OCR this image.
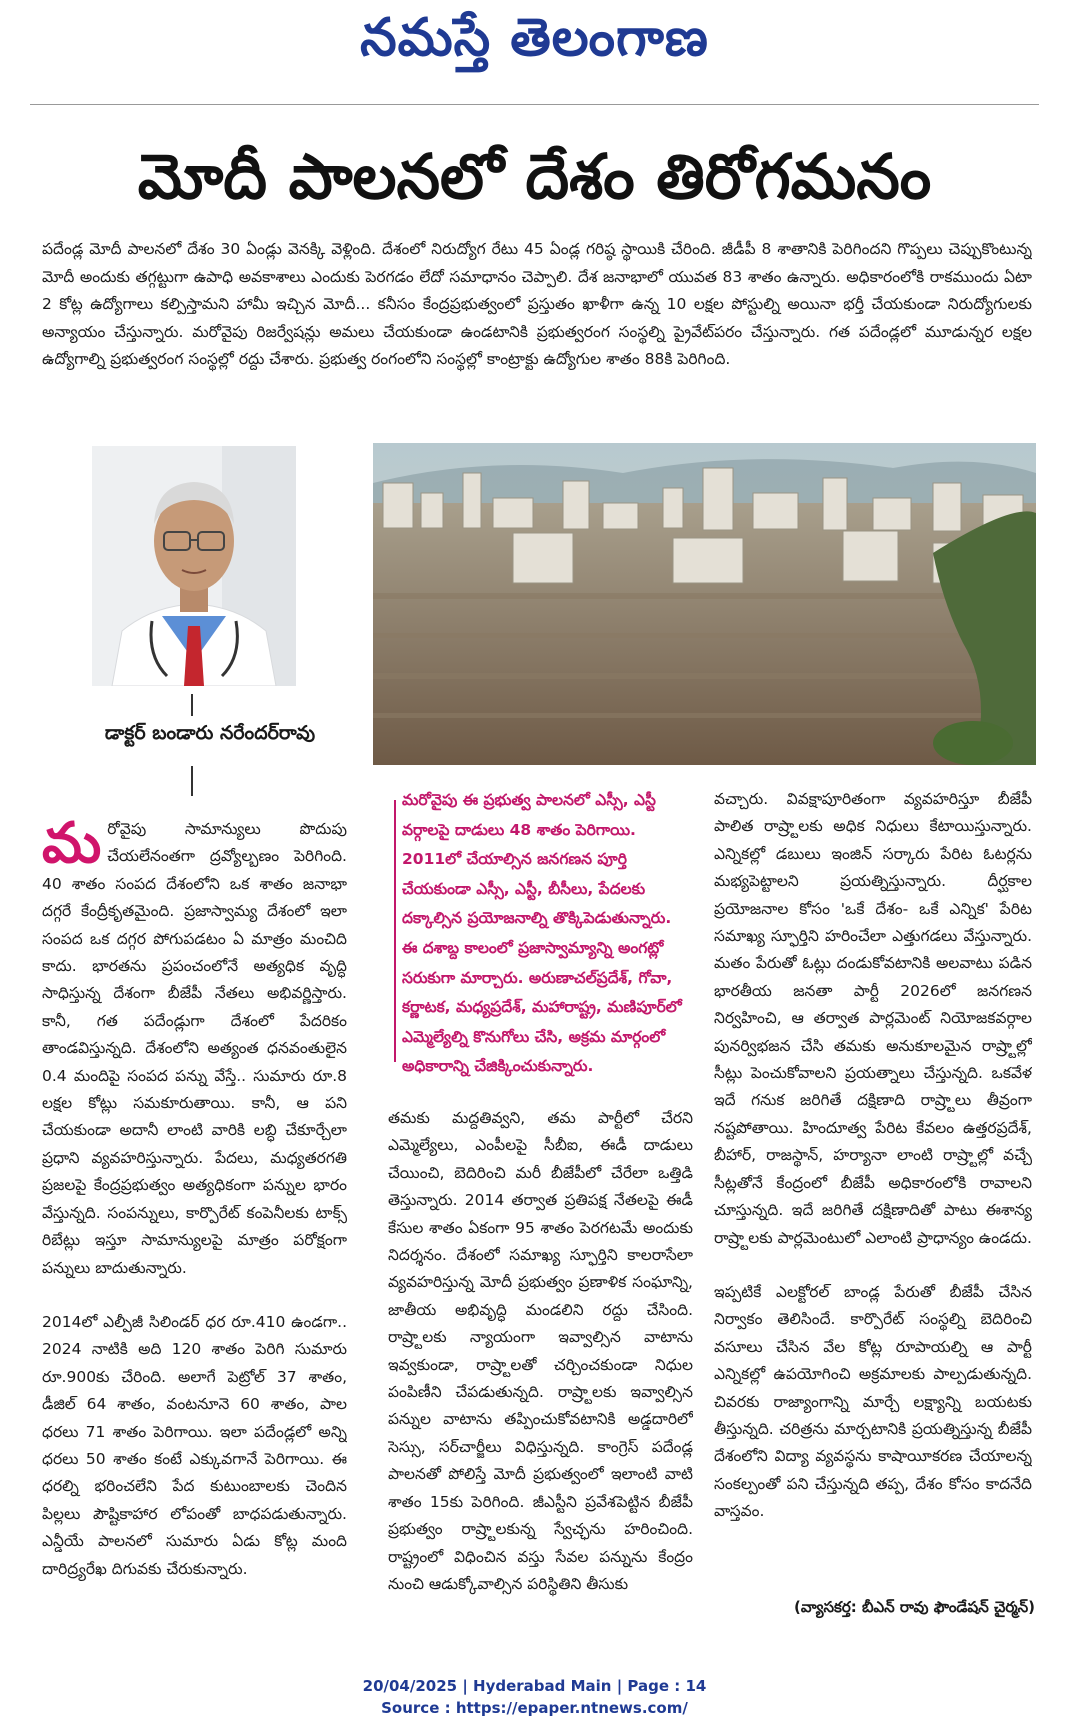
నమస్తే తెలంగాణ
మోదీ పాలనలో దేశం తిరోగమనం
పదేండ్ల మోదీ పాలనలో దేశం 30 ఏండ్లు వెనక్కి వెళ్లింది. దేశంలో నిరుద్యోగ రేటు 45 ఏండ్ల గరిష్ఠ స్థాయికి చేరింది. జీడీపీ 8 శాతానికి పెరిగిందని గొప్పలు చెప్పుకొంటున్న మోదీ అందుకు తగ్గట్టుగా ఉపాధి అవకాశాలు ఎందుకు పెరగడం లేదో సమాధానం చెప్పాలి. దేశ జనాభాలో యువత 83 శాతం ఉన్నారు. అధికారంలోకి రాకముందు ఏటా 2 కోట్ల ఉద్యోగాలు కల్పిస్తామని హామీ ఇచ్చిన మోదీ... కనీసం కేంద్రప్రభుత్వంలో ప్రస్తుతం ఖాళీగా ఉన్న 10 లక్షల పోస్టుల్ని అయినా భర్తీ చేయకుండా నిరుద్యోగులకు అన్యాయం చేస్తున్నారు. మరోవైపు రిజర్వేషన్లు అమలు చేయకుండా ఉండటానికి ప్రభుత్వరంగ సంస్థల్ని ప్రైవేట్‌పరం చేస్తున్నారు. గత పదేండ్లలో మూడున్నర లక్షల ఉద్యోగాల్ని ప్రభుత్వరంగ సంస్థల్లో రద్దు చేశారు. ప్రభుత్వ రంగంలోని సంస్థల్లో కాంట్రాక్టు ఉద్యోగుల శాతం 88కి పెరిగింది.
డాక్టర్ బండారు నరేందర్‌రావు

మరోవైపు సామాన్యులు పొదుపు చేయలేనంతగా ద్రవ్యోల్బణం పెరిగింది. 40 శాతం సంపద దేశంలోని ఒక శాతం జనాభా దగ్గరే కేంద్రీకృతమైంది. ప్రజాస్వామ్య దేశంలో ఇలా సంపద ఒక దగ్గర పోగుపడటం ఏ మాత్రం మంచిది కాదు. భారతను ప్రపంచంలోనే అత్యధిక వృద్ధి సాధిస్తున్న దేశంగా బీజేపీ నేతలు అభివర్ణిస్తారు. కానీ, గత పదేండ్లుగా దేశంలో పేదరికం తాండవిస్తున్నది. దేశంలోని అత్యంత ధనవంతులైన 0.4 మందిపై సంపద పన్ను వేస్తే.. సుమారు రూ.8 లక్షల కోట్లు సమకూరుతాయి. కానీ, ఆ పని చేయకుండా అదానీ లాంటి వారికి లబ్ధి చేకూర్చేలా ప్రధాని వ్యవహరిస్తున్నారు. పేదలు, మధ్యతరగతి ప్రజలపై కేంద్రప్రభుత్వం అత్యధికంగా పన్నుల భారం వేస్తున్నది. సంపన్నులు, కార్పొరేట్ కంపెనీలకు టాక్స్ రిబేట్లు ఇస్తూ సామాన్యులపై మాత్రం పరోక్షంగా పన్నులు బాదుతున్నారు.

2014లో ఎల్పీజీ సిలిండర్ ధర రూ.410 ఉండగా.. 2024 నాటికి అది 120 శాతం పెరిగి సుమారు రూ.900కు చేరింది. అలాగే పెట్రోల్ 37 శాతం, డీజిల్ 64 శాతం, వంటనూనె 60 శాతం, పాల ధరలు 71 శాతం పెరిగాయి. ఇలా పదేండ్లలో అన్ని ధరలు 50 శాతం కంటే ఎక్కువగానే పెరిగాయి. ఈ ధరల్ని భరించలేని పేద కుటుంబాలకు చెందిన పిల్లలు పౌష్టికాహార లోపంతో బాధపడుతున్నారు. ఎన్డీయే పాలనలో సుమారు ఏడు కోట్ల మంది దారిద్ర్యరేఖ దిగువకు చేరుకున్నారు.

మరోవైపు ఈ ప్రభుత్వ పాలనలో ఎస్సీ, ఎస్టీ వర్గాలపై దాడులు 48 శాతం పెరిగాయి. 2011లో చేయాల్సిన జనగణన పూర్తి చేయకుండా ఎస్సీ, ఎస్టీ, బీసీలు, పేదలకు దక్కాల్సిన ప్రయోజనాల్ని తొక్కిపెడుతున్నారు. ఈ దశాబ్ద కాలంలో ప్రజాస్వామ్యాన్ని అంగట్లో సరుకుగా మార్చారు. అరుణాచల్‌ప్రదేశ్, గోవా, కర్ణాటక, మధ్యప్రదేశ్, మహారాష్ట్ర, మణిపూర్‌లో ఎమ్మెల్యేల్ని కొనుగోలు చేసి, అక్రమ మార్గంలో అధికారాన్ని చేజిక్కించుకున్నారు.

తమకు మద్దతివ్వని, తమ పార్టీలో చేరని ఎమ్మెల్యేలు, ఎంపీలపై సీబీఐ, ఈడీ దాడులు చేయించి, బెదిరించి మరీ బీజేపీలో చేరేలా ఒత్తిడి తెస్తున్నారు. 2014 తర్వాత ప్రతిపక్ష నేతలపై ఈడీ కేసుల శాతం ఏకంగా 95 శాతం పెరగటమే అందుకు నిదర్శనం. దేశంలో సమాఖ్య స్ఫూర్తిని కాలరాసేలా వ్యవహరిస్తున్న మోదీ ప్రభుత్వం ప్రణాళిక సంఘాన్ని, జాతీయ అభివృద్ధి మండలిని రద్దు చేసింది. రాష్ర్టాలకు న్యాయంగా ఇవ్వాల్సిన వాటాను ఇవ్వకుండా, రాష్ర్టాలతో చర్చించకుండా నిధుల పంపిణీని చేపడుతున్నది. రాష్ర్టాలకు ఇవ్వాల్సిన పన్నుల వాటాను తప్పించుకోవటానికి అడ్డదారిలో సెస్సు, సర్‌చార్జీలు విధిస్తున్నది. కాంగ్రెస్ పదేండ్ల పాలనతో పోలిస్తే మోదీ ప్రభుత్వంలో ఇలాంటి వాటి శాతం 15కు పెరిగింది. జీఎస్టీని ప్రవేశపెట్టిన బీజేపీ ప్రభుత్వం రాష్ర్టాలకున్న స్వేచ్ఛను హరించింది. రాష్ట్రంలో విధించిన వస్తు సేవల పన్నును కేంద్రం నుంచి ఆడుక్కోవాల్సిన పరిస్థితిని తీసుకు

వచ్చారు. వివక్షాపూరితంగా వ్యవహరిస్తూ బీజేపీ పాలిత రాష్ర్టాలకు అధిక నిధులు కేటాయిస్తున్నారు. ఎన్నికల్లో డబులు ఇంజిన్ సర్కారు పేరిట ఓటర్లను మభ్యపెట్టాలని ప్రయత్నిస్తున్నారు. దీర్ఘకాల ప్రయోజనాల కోసం 'ఒకే దేశం- ఒకే ఎన్నిక' పేరిట సమాఖ్య స్ఫూర్తిని హరించేలా ఎత్తుగడలు వేస్తున్నారు. మతం పేరుతో ఓట్లు దండుకోవటానికి అలవాటు పడిన భారతీయ జనతా పార్టీ 2026లో జనగణన నిర్వహించి, ఆ తర్వాత పార్లమెంట్ నియోజకవర్గాల పునర్విభజన చేసి తమకు అనుకూలమైన రాష్ర్టాల్లో సీట్లు పెంచుకోవాలని ప్రయత్నాలు చేస్తున్నది. ఒకవేళ ఇదే గనుక జరిగితే దక్షిణాది రాష్ర్టాలు తీవ్రంగా నష్టపోతాయి. హిందూత్వ పేరిట కేవలం ఉత్తరప్రదేశ్, బీహార్, రాజస్థాన్, హర్యానా లాంటి రాష్ర్టాల్లో వచ్చే సీట్లతోనే కేంద్రంలో బీజేపీ అధికారంలోకి రావాలని చూస్తున్నది. ఇదే జరిగితే దక్షిణాదితో పాటు ఈశాన్య రాష్ర్టాలకు పార్లమెంటులో ఎలాంటి ప్రాధాన్యం ఉండదు.

ఇప్పటికే ఎలక్టోరల్ బాండ్ల పేరుతో బీజేపీ చేసిన నిర్వాకం తెలిసిందే. కార్పొరేట్ సంస్థల్ని బెదిరించి వసూలు చేసిన వేల కోట్ల రూపాయల్ని ఆ పార్టీ ఎన్నికల్లో ఉపయోగించి అక్రమాలకు పాల్పడుతున్నది. చివరకు రాజ్యాంగాన్ని మార్చే లక్ష్యాన్ని బయటకు తీస్తున్నది. చరిత్రను మార్చటానికి ప్రయత్నిస్తున్న బీజేపీ దేశంలోని విద్యా వ్యవస్థను కాషాయీకరణ చేయాలన్న సంకల్పంతో పని చేస్తున్నది తప్ప, దేశం కోసం కాదనేది వాస్తవం.

(వ్యాసకర్త: బీఎన్ రావు ఫౌండేషన్ చైర్మన్)
20/04/2025 | Hyderabad Main | Page : 14
Source : https://epaper.ntnews.com/
